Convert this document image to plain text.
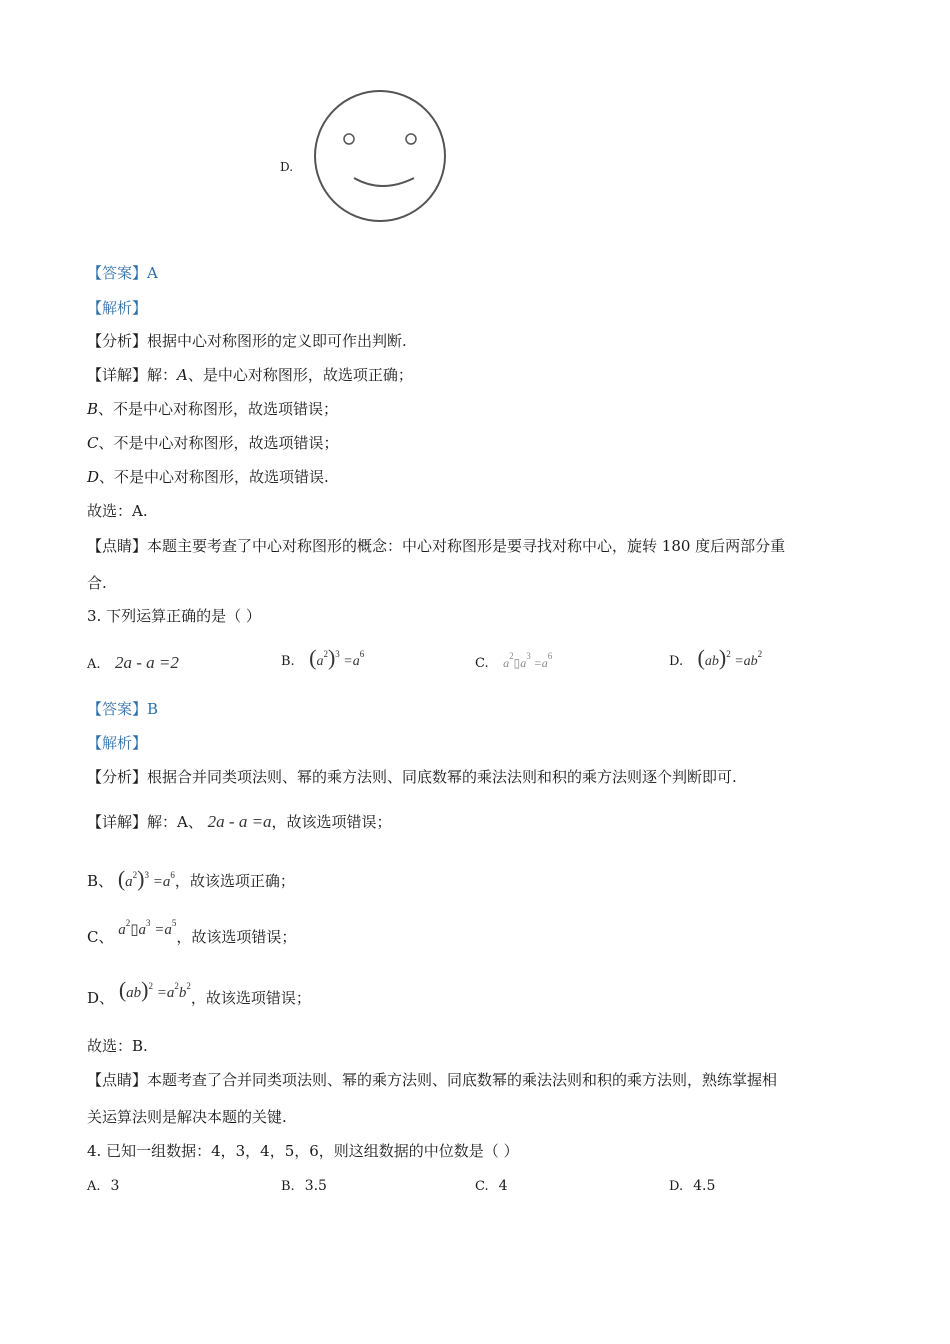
D.
【答案】A
【解析】
【分析】根据中心对称图形的定义即可作出判断.
【详解】解：A、是中心对称图形，故选项正确；
B、不是中心对称图形，故选项错误；
C、不是中心对称图形，故选项错误；
D、不是中心对称图形，故选项错误.
故选：A.
【点睛】本题主要考查了中心对称图形的概念：中心对称图形是要寻找对称中心，旋转 180 度后两部分重
合.
3. 下列运算正确的是（ ）
A. 2a - a =2	B. $(a^2)^3 =a^6$
C. $a^2▯a^3 =a^6$	D. $(ab)^2 =ab^2$
【答案】B
【解析】
【分析】根据合并同类项法则、幂的乘方法则、同底数幂的乘法法则和积的乘方法则逐个判断即可.
【详解】解：A、 2a - a =a，故该选项错误；
B、 $(a^2)^3 =a^6$，故该选项正确；
C、 $a^2▯a^3 =a^5$，故该选项错误；
D、 $(ab)^2 =a^2b^2$，故该选项错误；
故选：B.
【点睛】本题考查了合并同类项法则、幂的乘方法则、同底数幂的乘法法则和积的乘方法则，熟练掌握相
关运算法则是解决本题的关键.
4. 已知一组数据：4，3，4，5，6，则这组数据的中位数是（ ）
A. 3	B. 3.5	C. 4	D. 4.5
